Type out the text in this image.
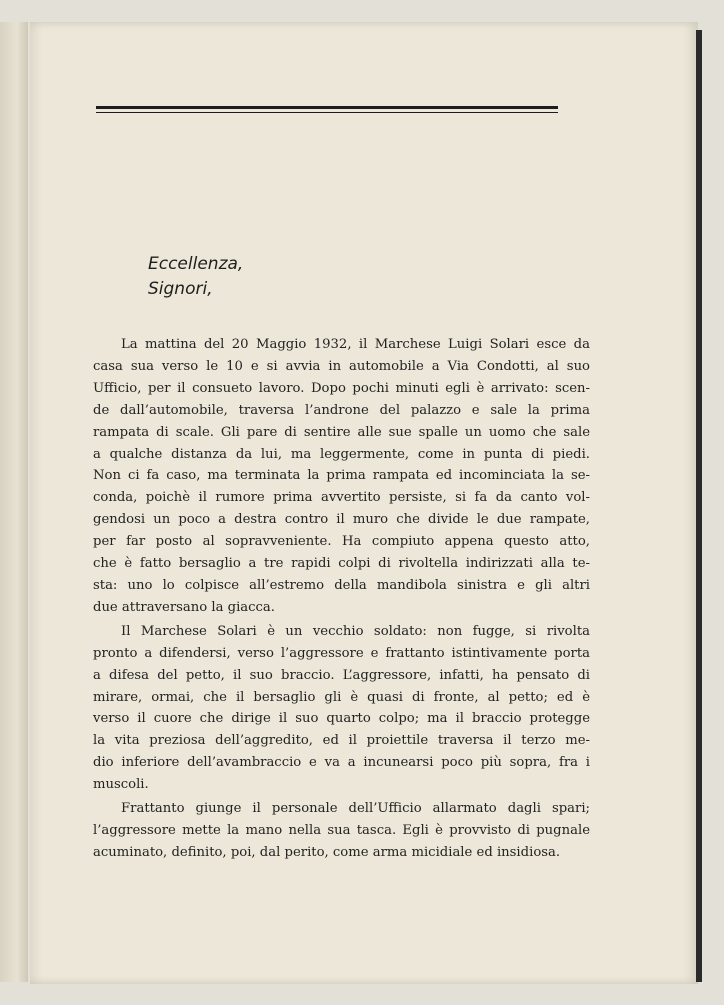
Eccellenza,
Signori,
La mattina del 20 Maggio 1932, il Marchese Luigi Solari esce da
casa sua verso le 10 e si avvia in automobile a Via Condotti, al suo
Ufficio, per il consueto lavoro. Dopo pochi minuti egli è arrivato: scen-
de dall’automobile, traversa l’androne del palazzo e sale la prima
rampata di scale. Gli pare di sentire alle sue spalle un uomo che sale
a qualche distanza da lui, ma leggermente, come in punta di piedi.
Non ci fa caso, ma terminata la prima rampata ed incominciata la se-
conda, poichè il rumore prima avvertito persiste, si fa da canto vol-
gendosi un poco a destra contro il muro che divide le due rampate,
per far posto al sopravveniente. Ha compiuto appena questo atto,
che è fatto bersaglio a tre rapidi colpi di rivoltella indirizzati alla te-
sta: uno lo colpisce all’estremo della mandibola sinistra e gli altri
due attraversano la giacca.
Il Marchese Solari è un vecchio soldato: non fugge, si rivolta
pronto a difendersi, verso l’aggressore e frattanto istintivamente porta
a difesa del petto, il suo braccio. L’aggressore, infatti, ha pensato di
mirare, ormai, che il bersaglio gli è quasi di fronte, al petto; ed è
verso il cuore che dirige il suo quarto colpo; ma il braccio protegge
la vita preziosa dell’aggredito, ed il proiettile traversa il terzo me-
dio inferiore dell’avambraccio e va a incunearsi poco più sopra, fra i
muscoli.
Frattanto giunge il personale dell’Ufficio allarmato dagli spari;
l’aggressore mette la mano nella sua tasca. Egli è provvisto di pugnale
acuminato, definito, poi, dal perito, come arma micidiale ed insidiosa.
